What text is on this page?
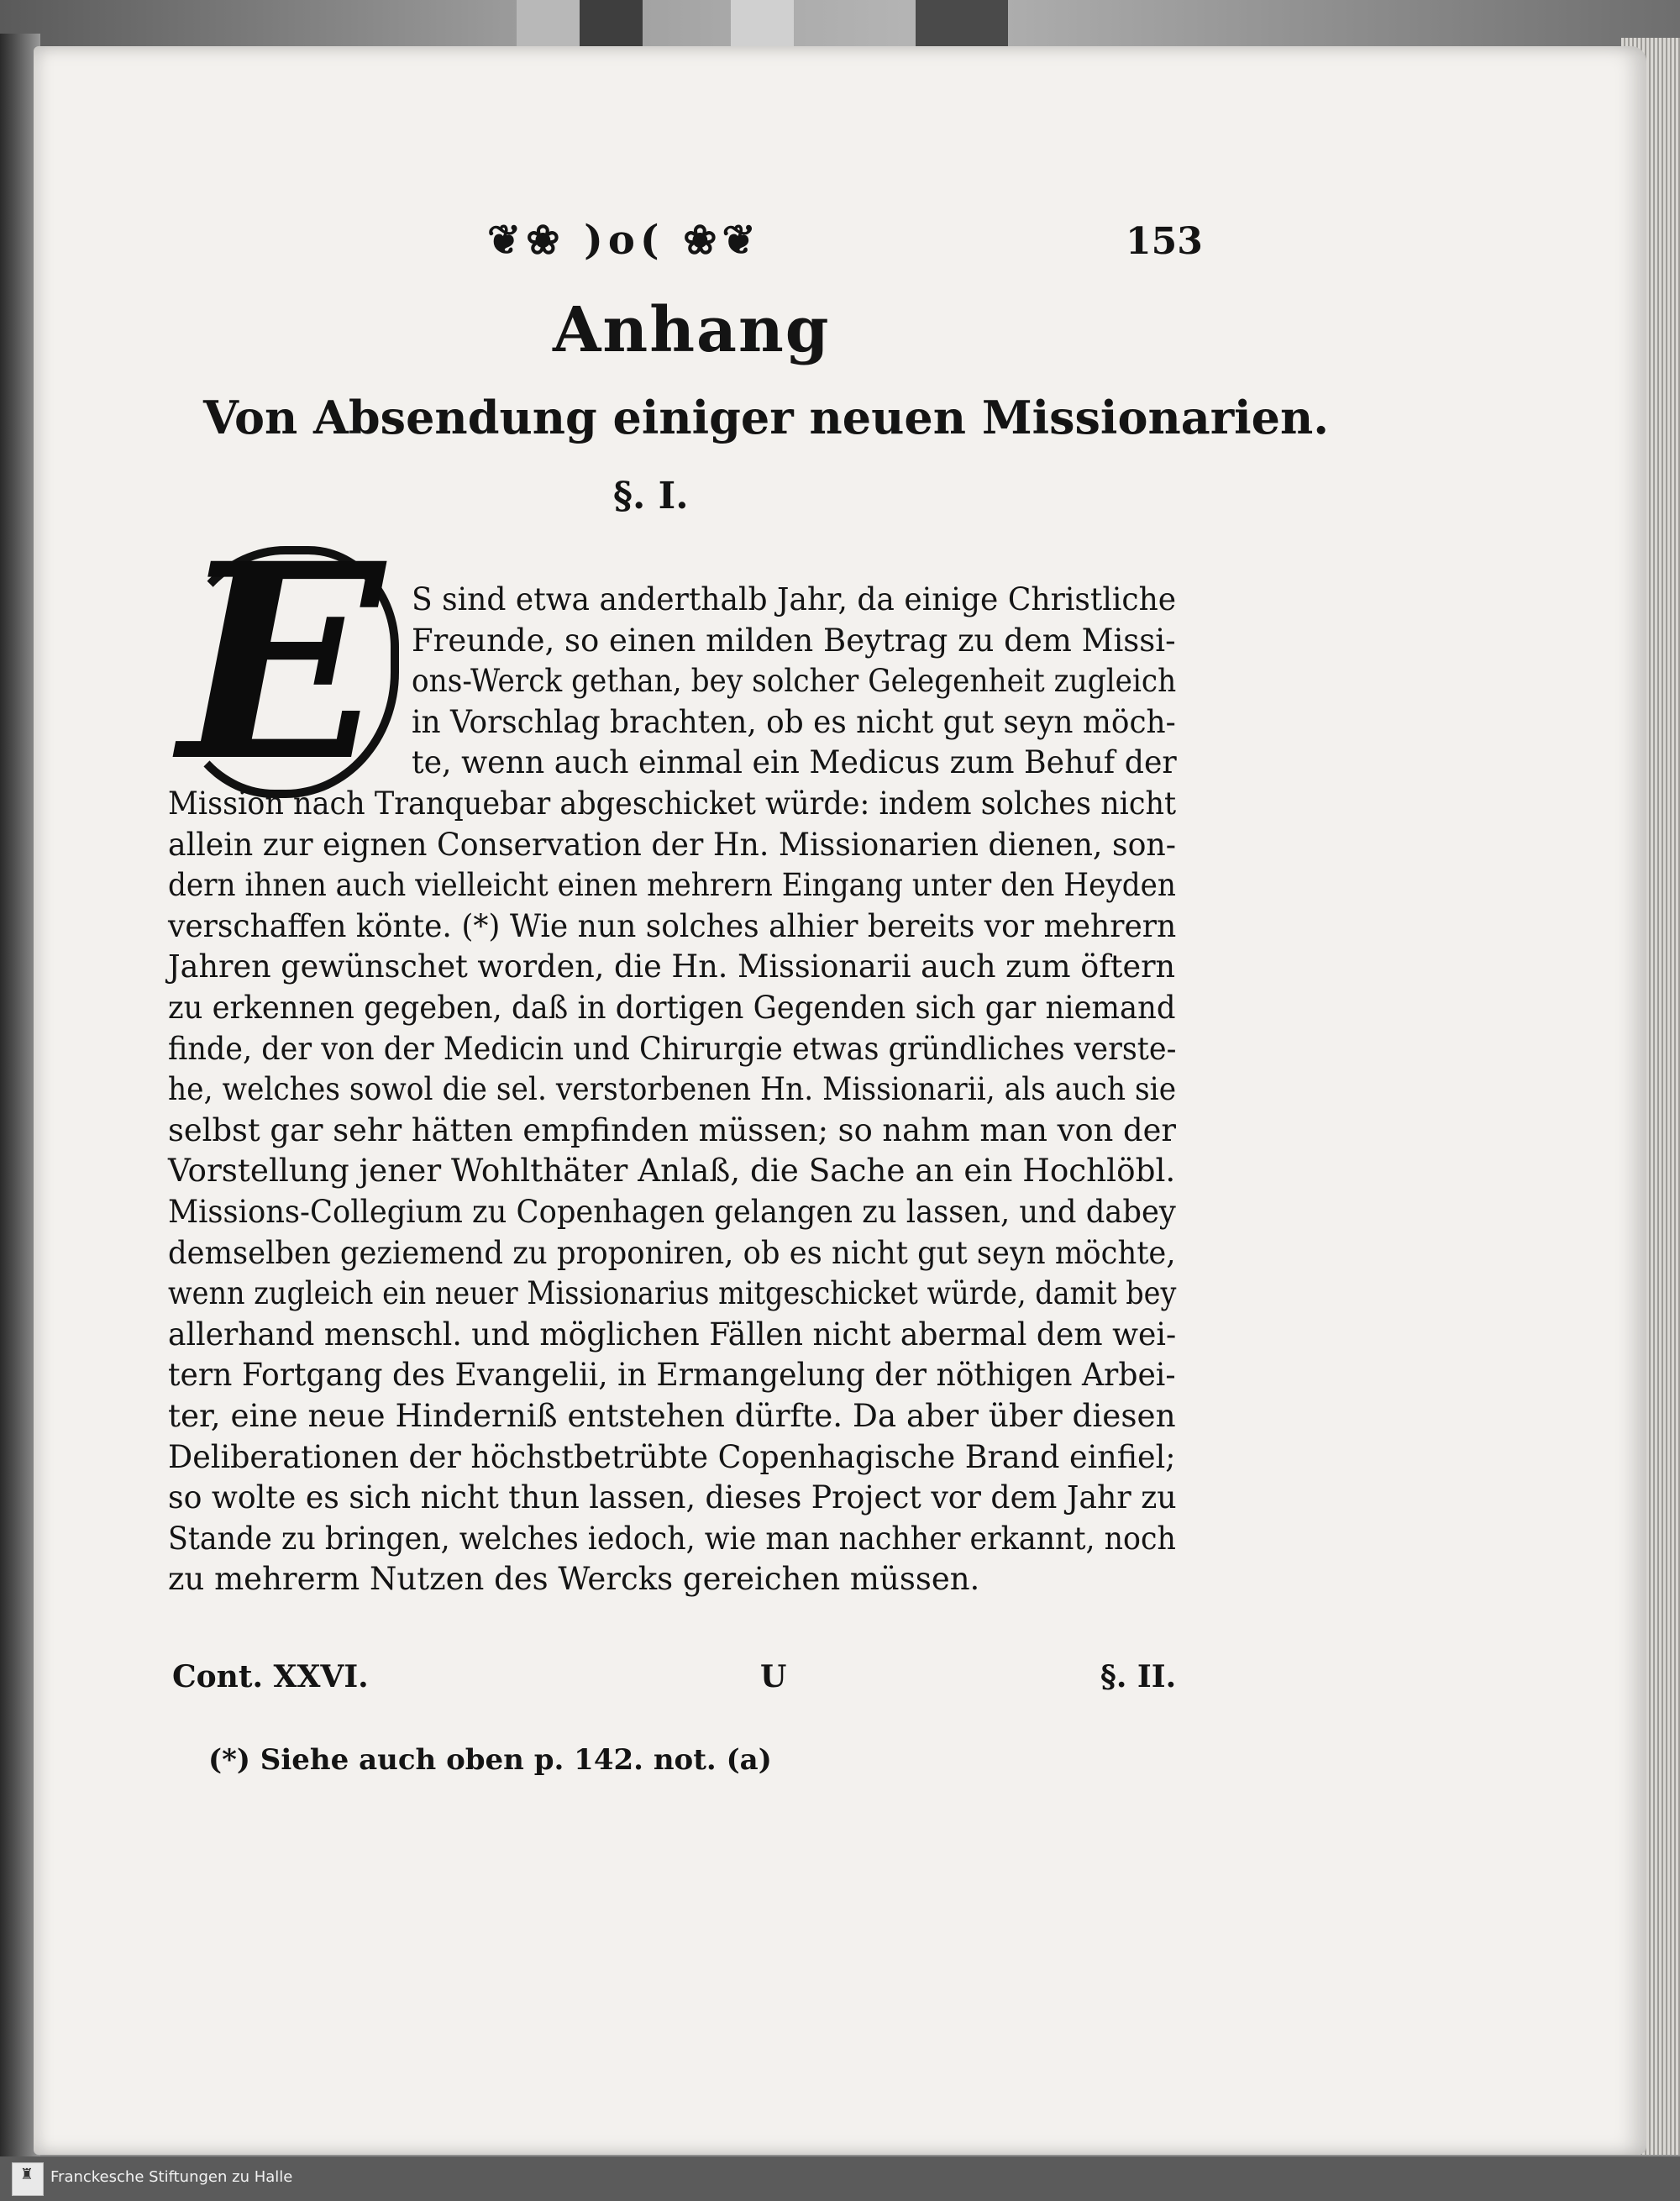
❦❀ )o( ❀❦	153
Anhang
Von Absendung einiger neuen Missionarien.
§. I.
E S sind etwa anderthalb Jahr, da einige Christliche
Freunde, so einen milden Beytrag zu dem Missi-
ons-Werck gethan, bey solcher Gelegenheit zugleich
in Vorschlag brachten, ob es nicht gut seyn möch-
te, wenn auch einmal ein Medicus zum Behuf der
Mission nach Tranquebar abgeschicket würde: indem solches nicht
allein zur eignen Conservation der Hn. Missionarien dienen, son-
dern ihnen auch vielleicht einen mehrern Eingang unter den Heyden
verschaffen könte. (*) Wie nun solches alhier bereits vor mehrern
Jahren gewünschet worden, die Hn. Missionarii auch zum öftern
zu erkennen gegeben, daß in dortigen Gegenden sich gar niemand
finde, der von der Medicin und Chirurgie etwas gründliches verste-
he, welches sowol die sel. verstorbenen Hn. Missionarii, als auch sie
selbst gar sehr hätten empfinden müssen; so nahm man von der
Vorstellung jener Wohlthäter Anlaß, die Sache an ein Hochlöbl.
Missions-Collegium zu Copenhagen gelangen zu lassen, und dabey
demselben geziemend zu proponiren, ob es nicht gut seyn möchte,
wenn zugleich ein neuer Missionarius mitgeschicket würde, damit bey
allerhand menschl. und möglichen Fällen nicht abermal dem wei-
tern Fortgang des Evangelii, in Ermangelung der nöthigen Arbei-
ter, eine neue Hinderniß entstehen dürfte. Da aber über diesen
Deliberationen der höchstbetrübte Copenhagische Brand einfiel;
so wolte es sich nicht thun lassen, dieses Project vor dem Jahr zu
Stande zu bringen, welches iedoch, wie man nachher erkannt, noch
zu mehrerm Nutzen des Wercks gereichen müssen.
Cont. XXVI.	U	§. II.
(*) Siehe auch oben p. 142. not. (a)
♜ Franckesche Stiftungen zu Halle
